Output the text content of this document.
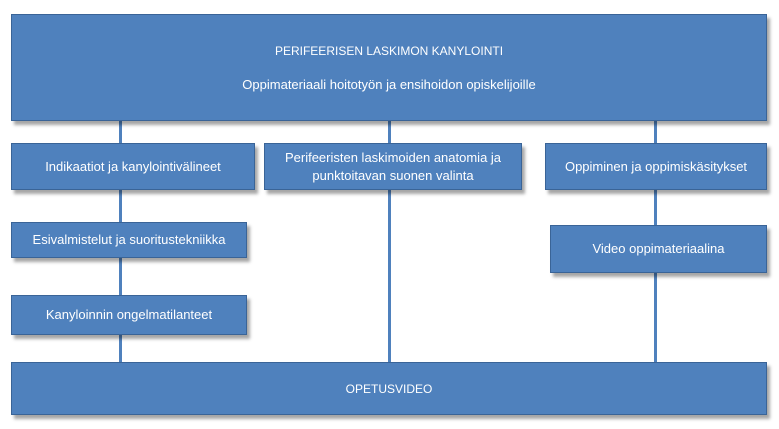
PERIFEERISEN LASKIMON KANYLOINTI
Oppimateriaali hoitotyön ja ensihoidon opiskelijoille
Indikaatiot ja kanylointivälineet
Perifeeristen laskimoiden anatomia ja
punktoitavan suonen valinta
Oppiminen ja oppimiskäsitykset
Esivalmistelut ja suoritustekniikka
Kanyloinnin ongelmatilanteet
Video oppimateriaalina
OPETUSVIDEO
